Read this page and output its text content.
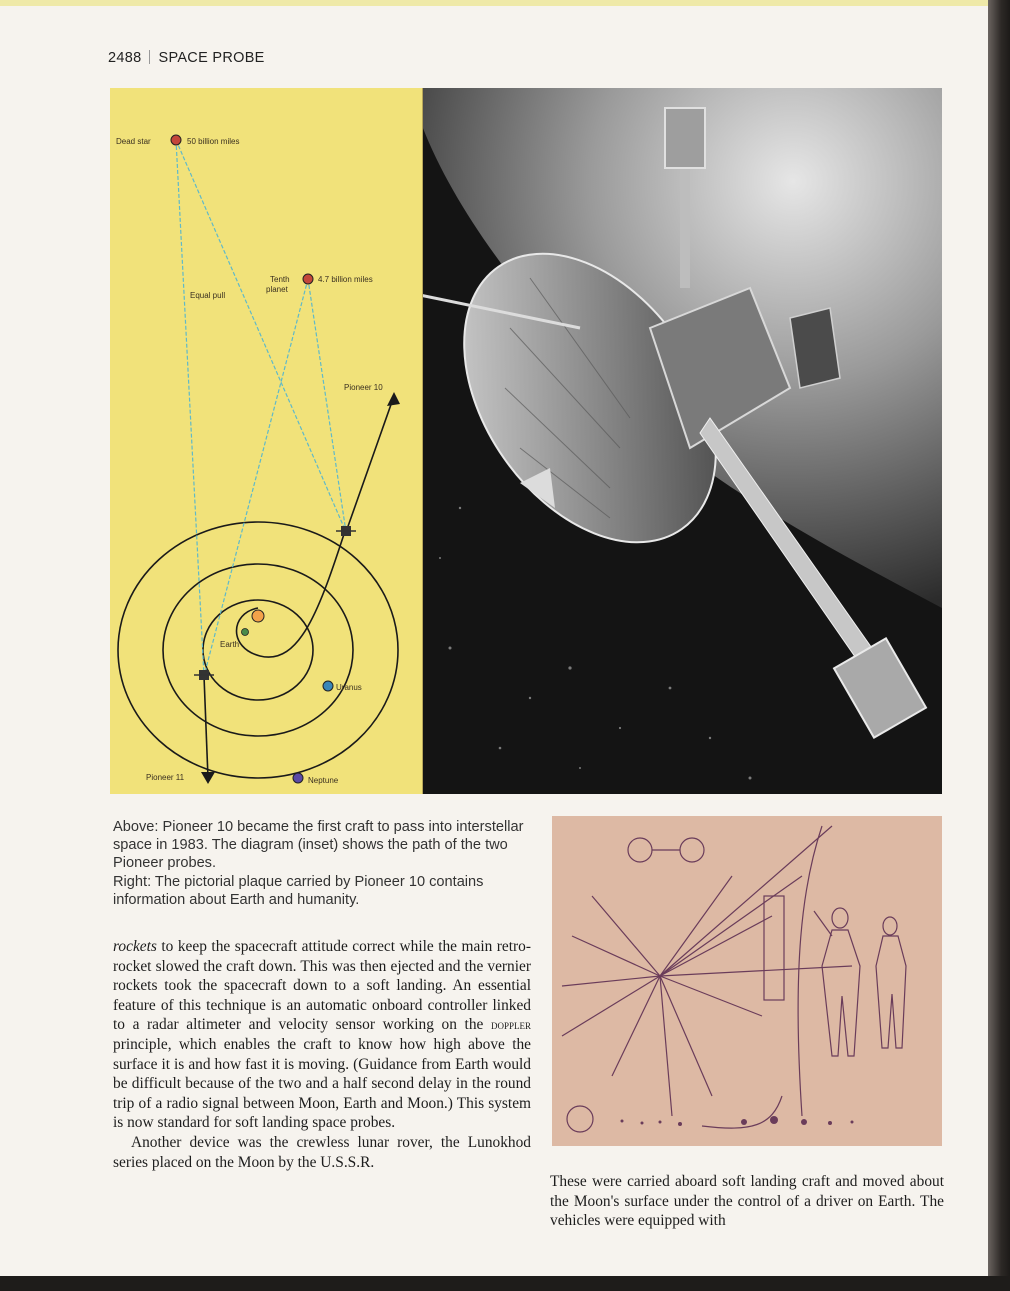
2488 SPACE PROBE
Dead star	50 billion miles
Tenth
planet
4.7 billion miles
Equal pull
Pioneer 10
Earth
Uranus
Pioneer 11	Neptune

Above: Pioneer 10 became the first craft to pass into interstellar space in 1983. The diagram (inset) shows the path of the two Pioneer probes.

Right: The pictorial plaque carried by Pioneer 10 contains information about Earth and humanity.

rockets to keep the spacecraft attitude correct while the main retro-rocket slowed the craft down. This was then ejected and the vernier rockets took the spacecraft down to a soft landing. An essential feature of this technique is an automatic onboard controller linked to a radar altimeter and velocity sensor working on the doppler principle, which enables the craft to know how high above the surface it is and how fast it is moving. (Guidance from Earth would be difficult because of the two and a half second delay in the round trip of a radio signal between Moon, Earth and Moon.) This system is now standard for soft landing space probes.

Another device was the crewless lunar rover, the Lunokhod series placed on the Moon by the U.S.S.R.

These were carried aboard soft landing craft and moved about the Moon's surface under the control of a driver on Earth. The vehicles were equipped with
